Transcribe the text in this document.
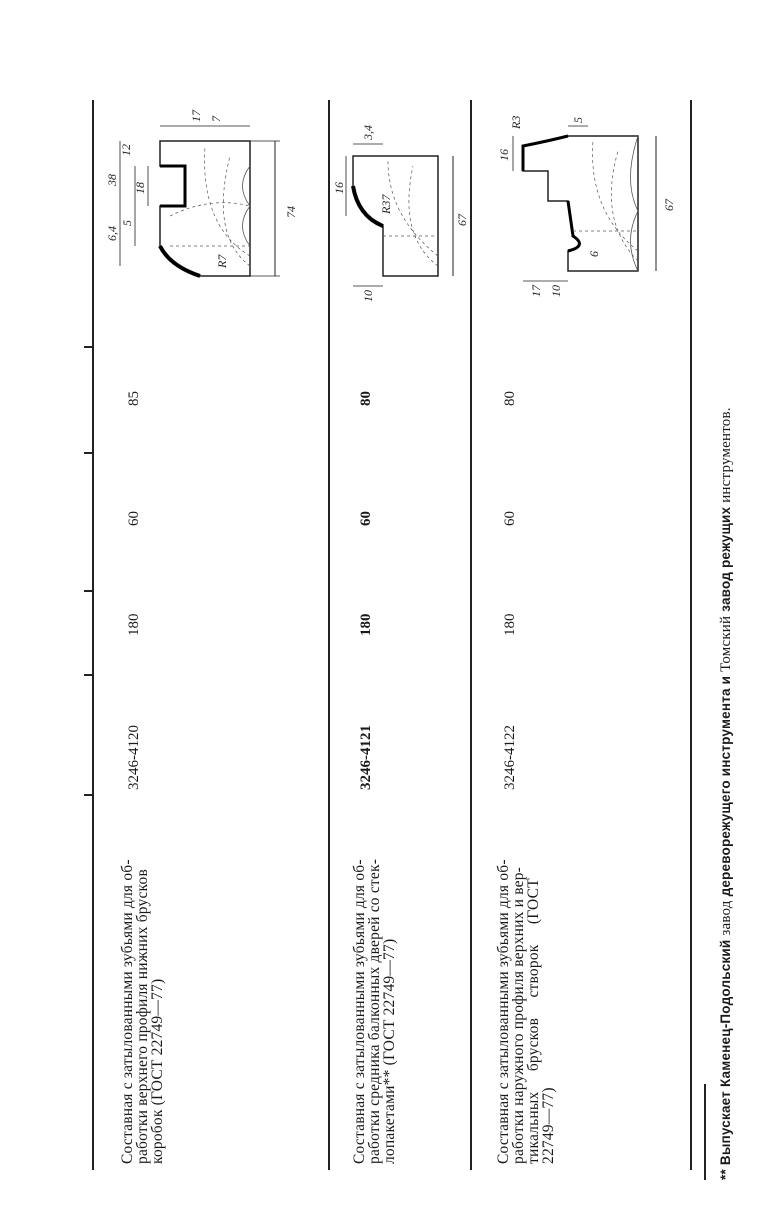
Составная с затылованными зубьями для об-
работки верхнего профиля нижних брусков
коробок (ГОСТ 22749—77)
3246-4120
180
60
85
74
6,4
5
38
12
18
17 7
R7
Составная с затылованными зубьями для об-
работки средника балконных дверей со стек-
лопакетами** (ГОСТ 22749—77)
3246-4121
180
60
80
67
16
10
3,4
R37
Составная с затылованными зубьями для об-
работки наружного профиля верхних и вер-
тикальных     брусков     створок     (ГОСТ
22749—77)
3246-4122
180
60
80
67
16
R3
17 10
6
5
** Выпускает Каменец-Подольский завод дереворежущего инструмента и Томский завод режущих инструментов.
